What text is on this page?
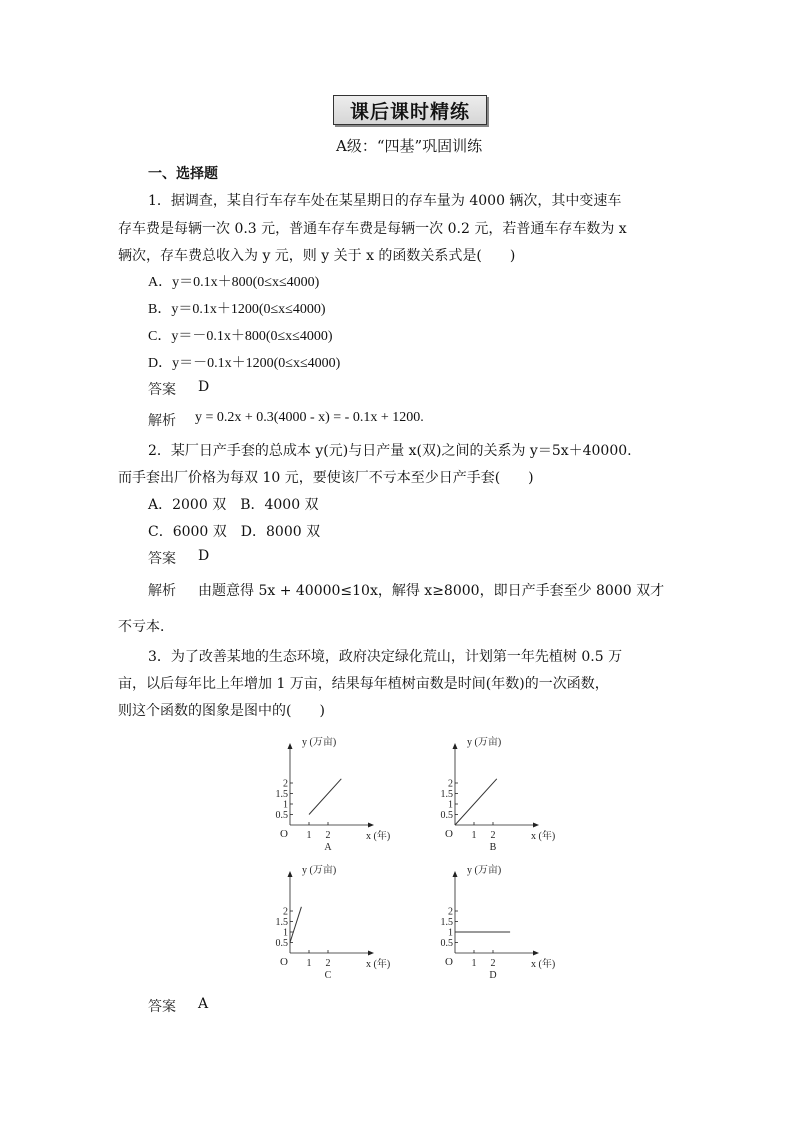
课后课时精练
A级：“四基”巩固训练
一、选择题
1．据调查，某自行车存车处在某星期日的存车量为 4000 辆次，其中变速车
存车费是每辆一次 0.3 元，普通车存车费是每辆一次 0.2 元，若普通车存车数为 x
辆次，存车费总收入为 y 元，则 y 关于 x 的函数关系式是(　　)
A．y＝0.1x＋800(0≤x≤4000)
B．y＝0.1x＋1200(0≤x≤4000)
C．y＝－0.1x＋800(0≤x≤4000)
D．y＝－0.1x＋1200(0≤x≤4000)
答案 D
解析 y = 0.2x + 0.3(4000 - x) = - 0.1x + 1200.
2．某厂日产手套的总成本 y(元)与日产量 x(双)之间的关系为 y＝5x＋40000.
而手套出厂价格为每双 10 元，要使该厂不亏本至少日产手套(　　)
A．2000 双　B．4000 双
C．6000 双　D．8000 双
答案 D
解析 由题意得 5x + 40000≤10x，解得 x≥8000，即日产手套至少 8000 双才
不亏本．
3．为了改善某地的生态环境，政府决定绿化荒山，计划第一年先植树 0.5 万
亩，以后每年比上年增加 1 万亩，结果每年植树亩数是时间(年数)的一次函数，
则这个函数的图象是图中的(　　)
y (万亩)
x (年)
O 1 2
0.5
1
1.5
2
A
y (万亩)
x (年)
O 1 2
0.5
1
1.5
2
B
y (万亩)
x (年)
O 1 2
0.5
1
1.5
2
C
y (万亩)
x (年)
O 1 2
0.5
1
1.5
2
D
答案 A
